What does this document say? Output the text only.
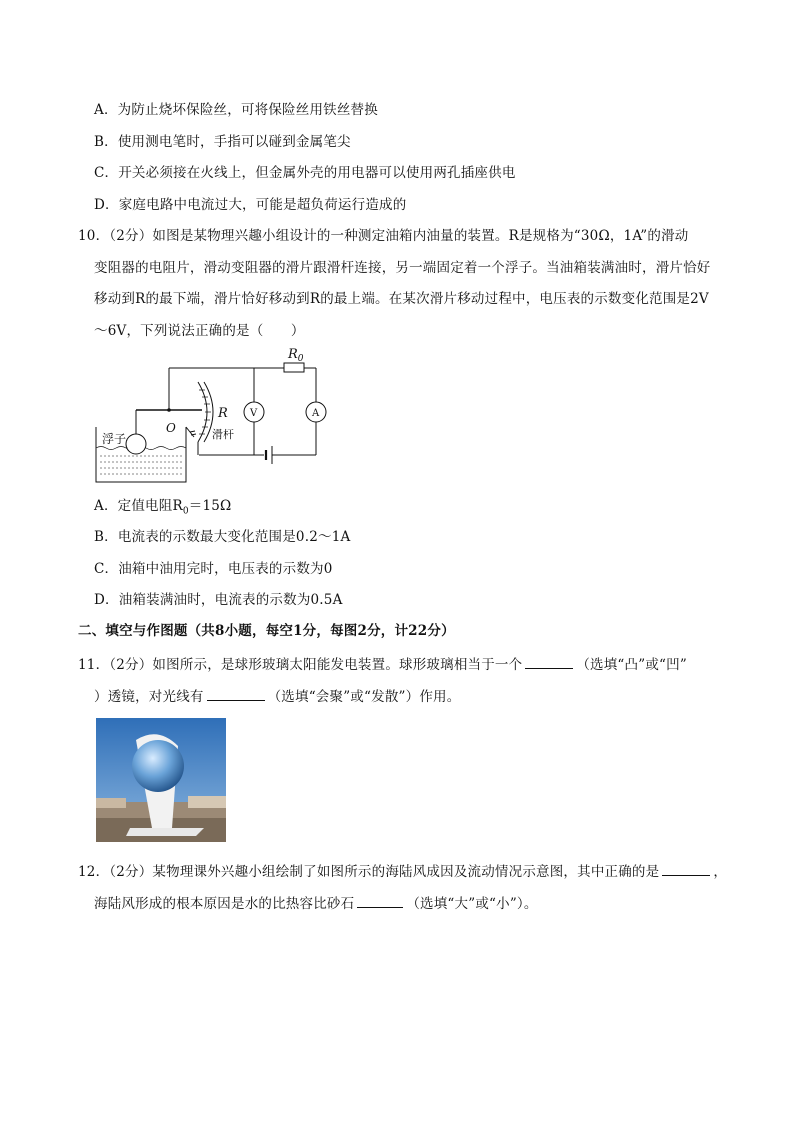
A．为防止烧坏保险丝，可将保险丝用铁丝替换
B．使用测电笔时，手指可以碰到金属笔尖
C．开关必须接在火线上，但金属外壳的用电器可以使用两孔插座供电
D．家庭电路中电流过大，可能是超负荷运行造成的
10．（2分）如图是某物理兴趣小组设计的一种测定油箱内油量的装置。R是规格为“30Ω，1A”的滑动
变阻器的电阻片，滑动变阻器的滑片跟滑杆连接，另一端固定着一个浮子。当油箱装满油时，滑片恰好
移动到R的最下端，滑片恰好移动到R的最上端。在某次滑片移动过程中，电压表的示数变化范围是2V
～6V，下列说法正确的是（　　）
$R_0$
R
O
浮子	滑杆
V	A
A．定值电阻$R_0=15\Omega$
B．电流表的示数最大变化范围是0.2～1A
C．油箱中油用完时，电压表的示数为0
D．油箱装满油时，电流表的示数为0.5A
二、填空与作图题（共8小题，每空1分，每图2分，计22分）
11．（2分）如图所示，是球形玻璃太阳能发电装置。球形玻璃相当于一个	（选填“凸”或“凹”
）透镜，对光线有	（选填“会聚”或“发散”）作用。
12．（2分）某物理课外兴趣小组绘制了如图所示的海陆风成因及流动情况示意图，其中正确的是	，
海陆风形成的根本原因是水的比热容比砂石	（选填“大”或“小”）。
